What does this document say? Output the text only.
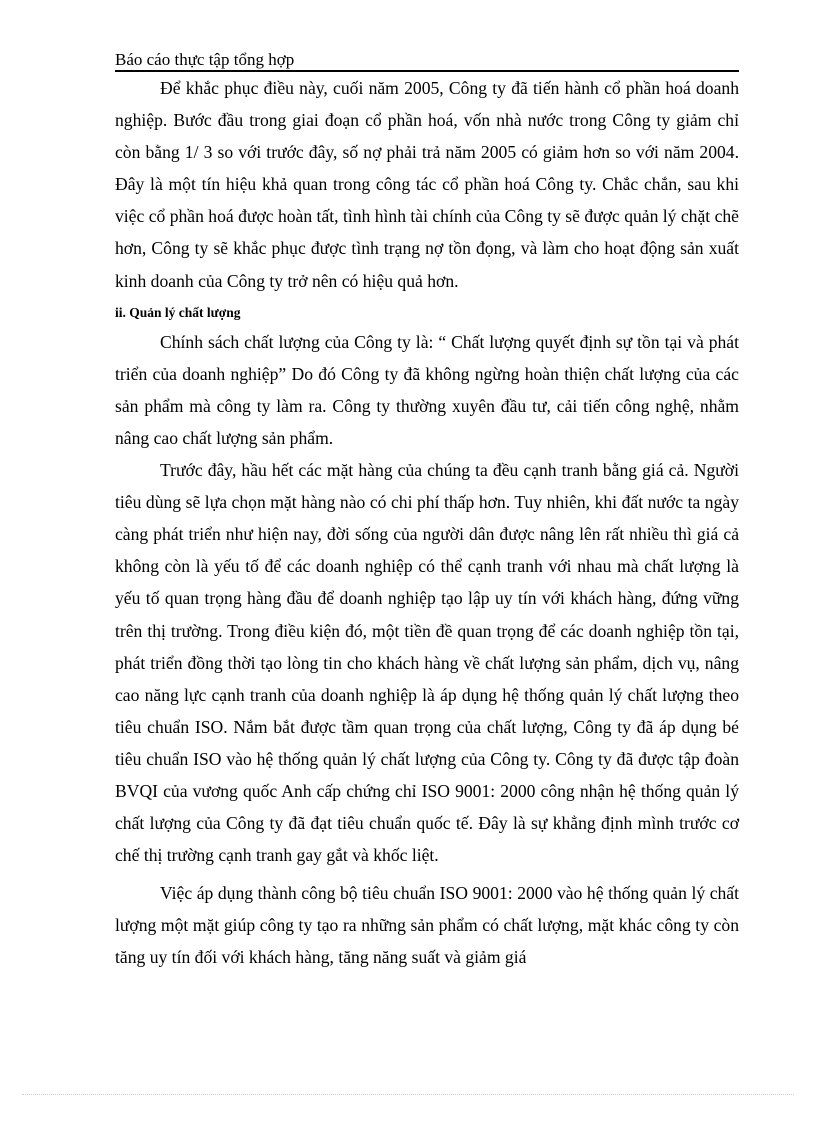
Báo cáo thực tập tổng hợp

Để khắc phục điều này, cuối năm 2005, Công ty đã tiến hành cổ phần hoá doanh nghiệp. Bước đầu trong giai đoạn cổ phần hoá, vốn nhà nước trong Công ty giảm chỉ còn bằng 1/ 3 so với trước đây, số nợ phải trả năm 2005 có giảm hơn so với năm 2004. Đây là một tín hiệu khả quan trong công tác cổ phần hoá Công ty. Chắc chắn, sau khi việc cổ phần hoá được hoàn tất, tình hình tài chính của Công ty sẽ được quản lý chặt chẽ hơn, Công ty sẽ khắc phục được tình trạng nợ tồn đọng, và làm cho hoạt động sản xuất kinh doanh của Công ty trở nên có hiệu quả hơn.

ii. Quản lý chất lượng

Chính sách chất lượng của Công ty là: “ Chất lượng quyết định sự tồn tại và phát triển của doanh nghiệp” Do đó Công ty đã không ngừng hoàn thiện chất lượng của các sản phẩm mà công ty làm ra. Công ty thường xuyên đầu tư, cải tiến công nghệ, nhằm nâng cao chất lượng sản phẩm.

Trước đây, hầu hết các mặt hàng của chúng ta đều cạnh tranh bằng giá cả. Người tiêu dùng sẽ lựa chọn mặt hàng nào có chi phí thấp hơn. Tuy nhiên, khi đất nước ta ngày càng phát triển như hiện nay, đời sống của người dân được nâng lên rất nhiều thì giá cả không còn là yếu tố để các doanh nghiệp có thể cạnh tranh với nhau mà chất lượng là yếu tố quan trọng hàng đầu để doanh nghiệp tạo lập uy tín với khách hàng, đứng vững trên thị trường. Trong điều kiện đó, một tiền đề quan trọng để các doanh nghiệp tồn tại, phát triển đồng thời tạo lòng tin cho khách hàng về chất lượng sản phẩm, dịch vụ, nâng cao năng lực cạnh tranh của doanh nghiệp là áp dụng hệ thống quản lý chất lượng theo tiêu chuẩn ISO. Nắm bắt được tầm quan trọng của chất lượng, Công ty đã áp dụng bé tiêu chuẩn ISO vào hệ thống quản lý chất lượng của Công ty. Công ty đã được tập đoàn BVQI của vương quốc Anh cấp chứng chỉ ISO 9001: 2000 công nhận hệ thống quản lý chất lượng của Công ty đã đạt tiêu chuẩn quốc tế. Đây là sự khẳng định mình trước cơ chế thị trường cạnh tranh gay gắt và khốc liệt.

Việc áp dụng thành công bộ tiêu chuẩn ISO 9001: 2000 vào hệ thống quản lý chất lượng một mặt giúp công ty tạo ra những sản phẩm có chất lượng, mặt khác công ty còn tăng uy tín đối với khách hàng, tăng năng suất và giảm giá
